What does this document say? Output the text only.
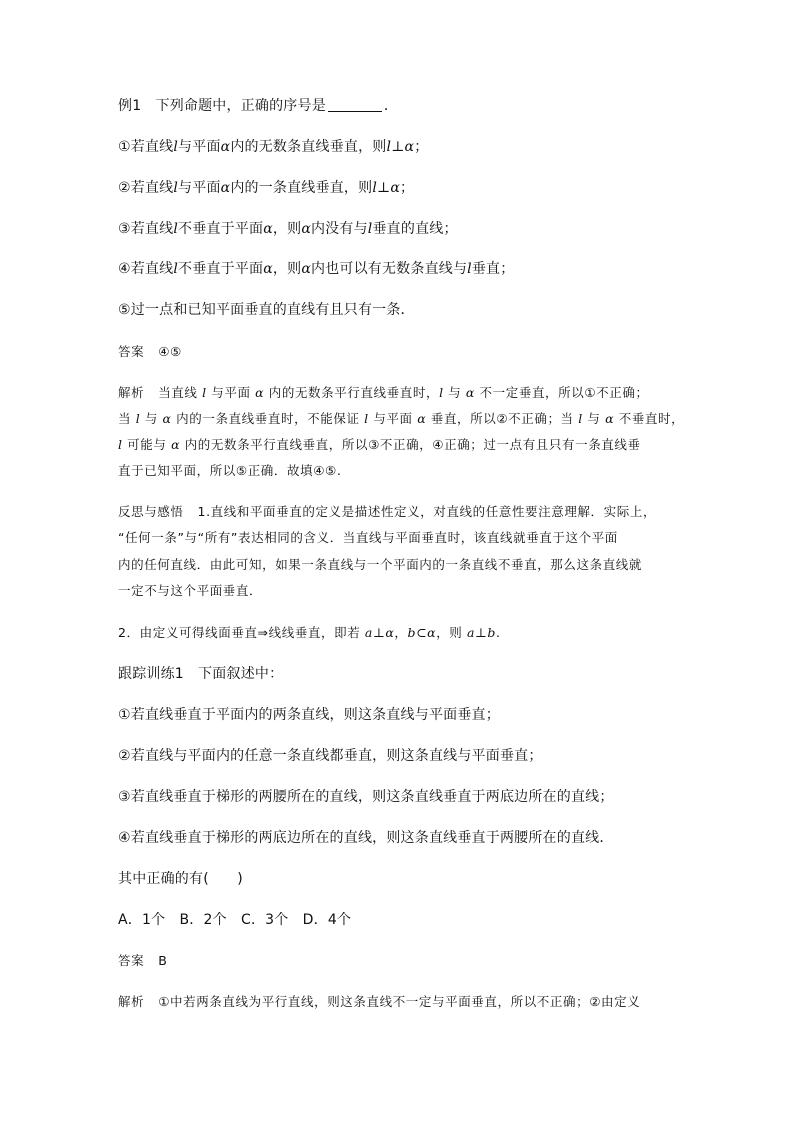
例1　下列命题中，正确的序号是	．
①若直线l与平面α内的无数条直线垂直，则l⊥α；
②若直线l与平面α内的一条直线垂直，则l⊥α；
③若直线l不垂直于平面α，则α内没有与l垂直的直线；
④若直线l不垂直于平面α，则α内也可以有无数条直线与l垂直；
⑤过一点和已知平面垂直的直线有且只有一条．
答案 ④⑤
解析 当直线 l 与平面 α 内的无数条平行直线垂直时，l 与 α 不一定垂直，所以①不正确；
当 l 与 α 内的一条直线垂直时，不能保证 l 与平面 α 垂直，所以②不正确；当 l 与 α 不垂直时，
l 可能与 α 内的无数条平行直线垂直，所以③不正确，④正确；过一点有且只有一条直线垂
直于已知平面，所以⑤正确．故填④⑤.
反思与感悟 1.直线和平面垂直的定义是描述性定义，对直线的任意性要注意理解．实际上，
“任何一条”与“所有”表达相同的含义．当直线与平面垂直时，该直线就垂直于这个平面
内的任何直线．由此可知，如果一条直线与一个平面内的一条直线不垂直，那么这条直线就
一定不与这个平面垂直．
2．由定义可得线面垂直⇒线线垂直，即若 a⊥α，b⊂α，则 a⊥b.
跟踪训练1　下面叙述中：
①若直线垂直于平面内的两条直线，则这条直线与平面垂直；
②若直线与平面内的任意一条直线都垂直，则这条直线与平面垂直；
③若直线垂直于梯形的两腰所在的直线，则这条直线垂直于两底边所在的直线；
④若直线垂直于梯形的两底边所在的直线，则这条直线垂直于两腰所在的直线．
其中正确的有(　　)
A．1个　B．2个　C．3个　D．4个
答案 B
解析 ①中若两条直线为平行直线，则这条直线不一定与平面垂直，所以不正确；②由定义
